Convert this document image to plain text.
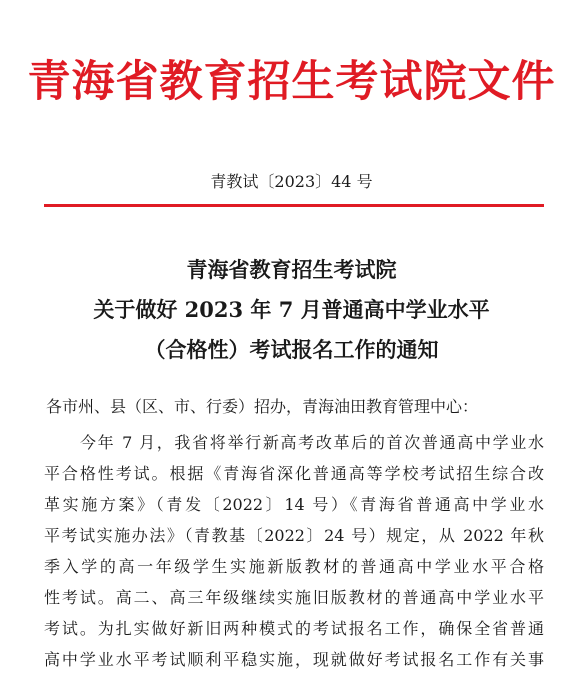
青海省教育招生考试院文件
青教试〔2023〕44 号
青海省教育招生考试院
关于做好 2023 年 7 月普通高中学业水平
（合格性）考试报名工作的通知
各市州、县（区、市、行委）招办，青海油田教育管理中心：
今年 7 月，我省将举行新高考改革后的首次普通高中学业水
平合格性考试。根据《青海省深化普通高等学校考试招生综合改
革实施方案》（青发〔2022〕14 号）《青海省普通高中学业水
平考试实施办法》（青教基〔2022〕24 号）规定，从 2022 年秋
季入学的高一年级学生实施新版教材的普通高中学业水平合格
性考试。高二、高三年级继续实施旧版教材的普通高中学业水平
考试。为扎实做好新旧两种模式的考试报名工作，确保全省普通
高中学业水平考试顺利平稳实施，现就做好考试报名工作有关事
